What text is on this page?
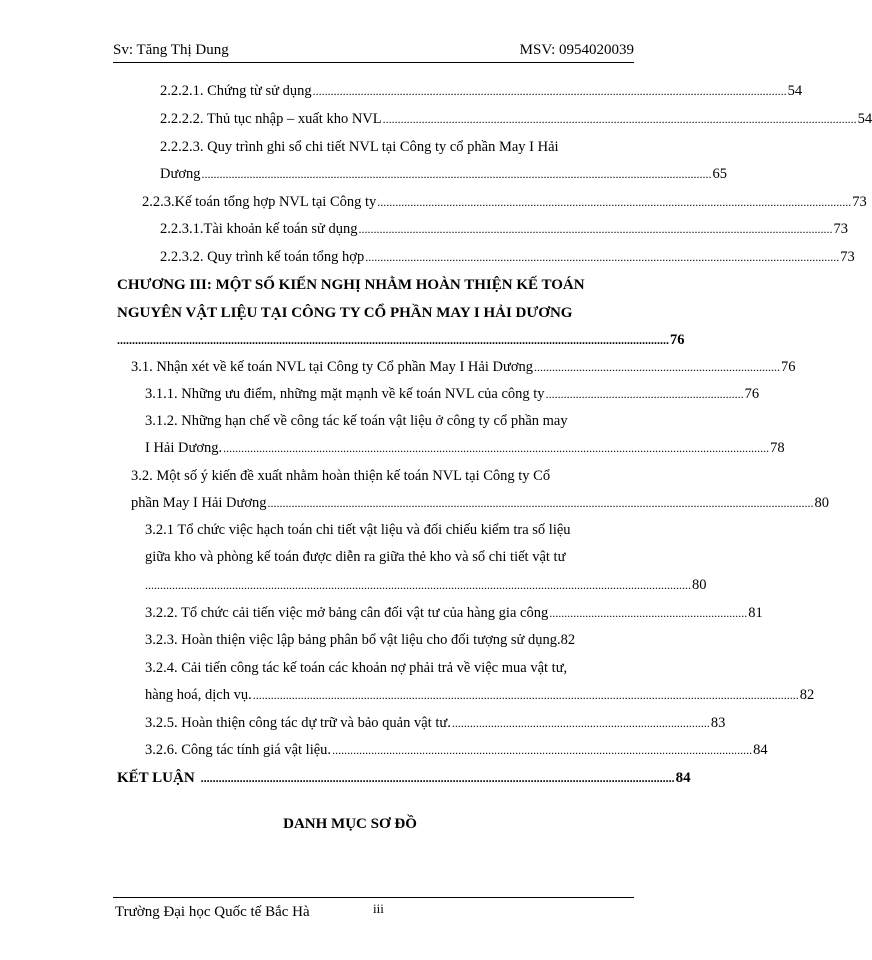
Sv: Tăng Thị Dung	MSV: 0954020039
2.2.2.1. Chứng từ sử dụng .............................................................................................................................................................. 54
2.2.2.2. Thủ tục nhập – xuất kho NVL .............................................................................................................................................................. 54
2.2.2.3. Quy trình ghi sổ chi tiết NVL tại Công ty cổ phần May I Hải
Dương .......................................................................................................................................................................... 65
2.2.3.Kế toán tổng hợp NVL tại Công ty .............................................................................................................................................................. 73
2.2.3.1.Tài khoản kế toán sử dụng .............................................................................................................................................................. 73
2.2.3.2. Quy trình kế toán tổng hợp .............................................................................................................................................................. 73
CHƯƠNG III: MỘT SỐ KIẾN NGHỊ NHẰM HOÀN THIỆN KẾ TOÁN
NGUYÊN VẬT LIỆU TẠI CÔNG TY CỔ PHẦN MAY I HẢI DƯƠNG
........................................................................................................................................................................................ 76
3.1. Nhận xét về kế toán NVL tại Công ty Cổ phần May I Hải Dương .................................................................................. 76
3.1.1. Những ưu điểm, những mặt mạnh về kế toán NVL của công ty .................................................................. 76
3.1.2. Những hạn chế về công tác kế toán vật liệu ở công ty cổ phần may
I Hải Dương. ...................................................................................................................................................................................... 78
3.2. Một số ý kiến đề xuất nhằm hoàn thiện kế toán NVL tại Công ty Cổ
phần May I Hải Dương ...................................................................................................................................................................................... 80
3.2.1 Tổ chức việc hạch toán chi tiết vật liệu và đối chiếu kiểm tra số liệu
giữa kho và phòng kế toán được diễn ra giữa thẻ kho và sổ chi tiết vật tư
...................................................................................................................................................................................... 80
3.2.2. Tổ chức cải tiến việc mở bảng cân đối vật tư của hàng gia công .................................................................. 81
3.2.3. Hoàn thiện việc lập bảng phân bổ vật liệu cho đối tượng sử dụng. 82
3.2.4. Cải tiến công tác kế toán các khoản nợ phải trả về việc mua vật tư,
hàng hoá, dịch vụ. ...................................................................................................................................................................................... 82
3.2.5. Hoàn thiện công tác dự trữ và bảo quản vật tư. ...................................................................................... 83
3.2.6. Công tác tính giá vật liệu. ............................................................................................................................................ 84
KẾT LUẬN .............................................................................................................................................................. 84
DANH MỤC SƠ ĐỒ
Trường Đại học Quốc tế Bắc Hà	iii
